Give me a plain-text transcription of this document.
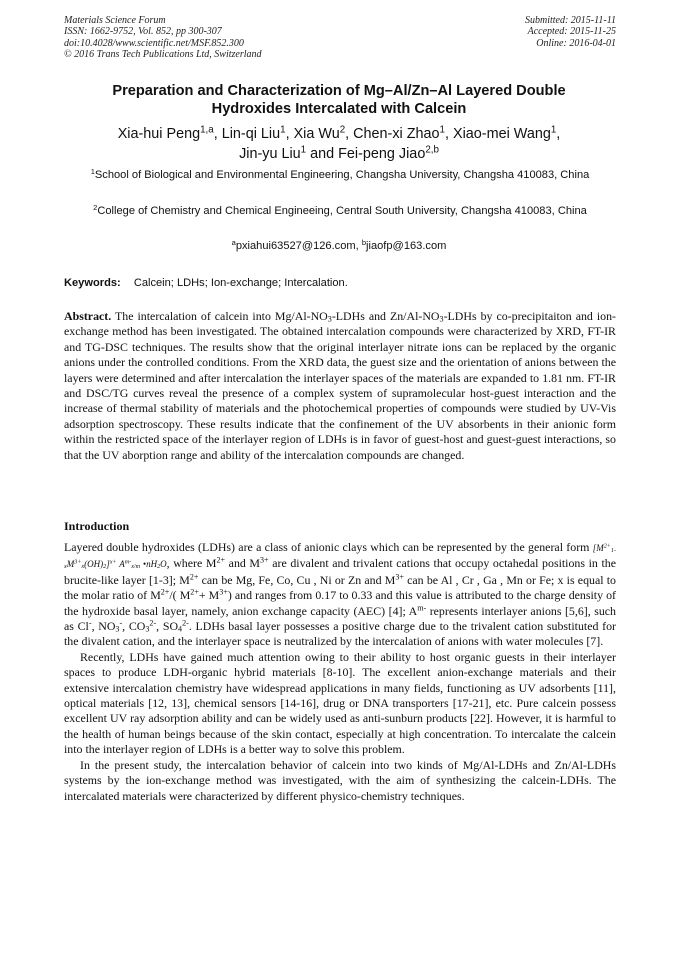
Materials Science Forum
ISSN: 1662-9752, Vol. 852, pp 300-307
doi:10.4028/www.scientific.net/MSF.852.300
© 2016 Trans Tech Publications Ltd, Switzerland
Submitted: 2015-11-11
Accepted: 2015-11-25
Online: 2016-04-01
Preparation and Characterization of Mg–Al/Zn–Al Layered Double
Hydroxides Intercalated with Calcein
Xia-hui Peng$^{1,a}$, Lin-qi Liu$^1$, Xia Wu$^2$, Chen-xi Zhao$^1$, Xiao-mei Wang$^1$,
Jin-yu Liu$^1$ and Fei-peng Jiao$^{2,b}$
$^1$School of Biological and Environmental Engineering, Changsha University, Changsha 410083, China
$^2$College of Chemistry and Chemical Engineeing, Central South University, Changsha 410083, China
$^a$pxiahui63527@126.com, $^b$jiaofp@163.com
Keywords: Calcein; LDHs; Ion-exchange; Intercalation.
Abstract. The intercalation of calcein into $Mg/Al-NO_3$-LDHs and $Zn/Al-NO_3$-LDHs by co-precipitaiton and ion-exchange method has been investigated. The obtained intercalation compounds were characterized by XRD, FT-IR and TG-DSC techniques. The results show that the original interlayer nitrate ions can be replaced by the organic anions under the controlled conditions. From the XRD data, the guest size and the orientation of anions between the layers were determined and after intercalation the interlayer spaces of the materials are expanded to 1.81 nm. FT-IR and DSC/TG curves reveal the presence of a complex system of supramolecular host-guest interaction and the increase of thermal stability of materials and the photochemical properties of compounds were studied by UV-Vis adsorption spectroscopy. These results indicate that the confinement of the UV absorbents in their anionic form within the restricted space of the interlayer region of LDHs is in favor of guest-host and guest-guest interactions, so that the UV aborption range and ability of the intercalation compounds are changed.
Introduction

Layered double hydroxides (LDHs) are a class of anionic clays which can be represented by the general form $[M^{2+}_{1-x}M^{3+}_x(OH)_2]^{x+}$ $A^{m-}_{x/m}$ $•nH_2O$, where $M^{2+}$ and $M^{3+}$ are divalent and trivalent cations that occupy octahedal positions in the brucite-like layer [1-3]; $M^{2+}$ can be Mg, Fe, Co, Cu , Ni or Zn and $M^{3+}$ can be Al , Cr , Ga , Mn or Fe; x is equal to the molar ratio of $M^{2+}/$( $M^{2+}+ M^{3+}$) and ranges from 0.17 to 0.33 and this value is attributed to the charge density of the hydroxide basal layer, namely, anion exchange capacity (AEC) [4]; $A^{m-}$ represents interlayer anions [5,6], such as Cl-, $NO_3^-$, $CO_3^{2-}$, $SO_4^{2-}$. LDHs basal layer possesses a positive charge due to the trivalent cation substituted for the divalent cation, and the interlayer space is neutralized by the intercalation of anions with water molecules [7].

Recently, LDHs have gained much attention owing to their ability to host organic guests in their interlayer spaces to produce LDH-organic hybrid materials [8-10]. The excellent anion-exchange materials and their extensive intercalation chemistry have widespread applications in many fields, functioning as UV adsorbents [11], optical materials [12, 13], chemical sensors [14-16], drug or DNA transporters [17-21], etc. Pure calcein possess excellent UV ray adsorption ability and can be widely used as anti-sunburn products [22]. However, it is harmful to the health of human beings because of the skin contact, especially at high concentration. To intercalate the calcein into the interlayer region of LDHs is a better way to solve this problem.

In the present study, the intercalation behavior of calcein into two kinds of Mg/Al-LDHs and Zn/Al-LDHs systems by the ion-exchange method was investigated, with the aim of synthesizing the calcein-LDHs. The intercalated materials were characterized by different physico-chemistry techniques.
